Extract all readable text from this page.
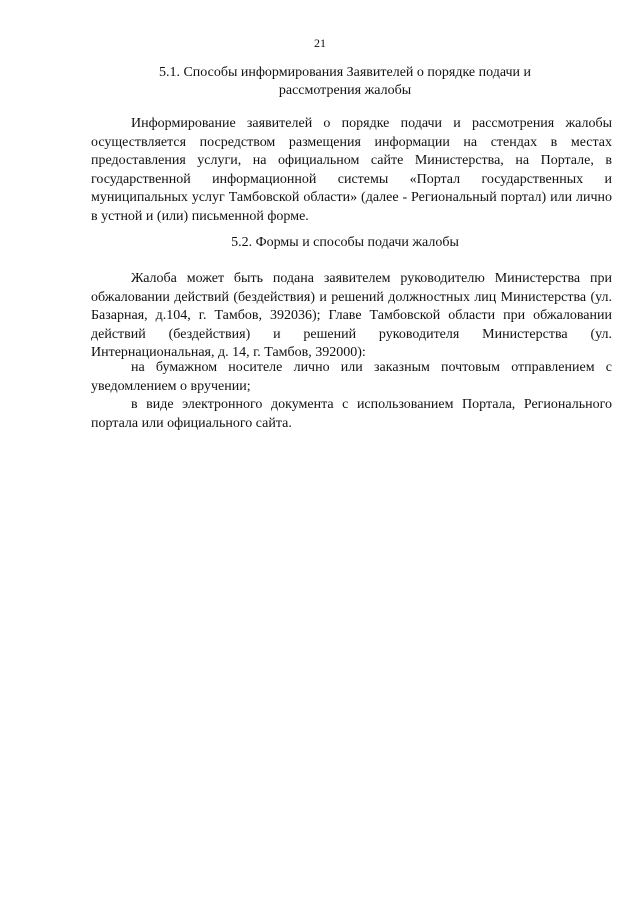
21
5.1. Способы информирования Заявителей о порядке подачи и
рассмотрения жалобы

Информирование заявителей о порядке подачи и рассмотрения жалобы осуществляется посредством размещения информации на стендах в местах предоставления услуги, на официальном сайте Министерства, на Портале, в государственной информационной системы «Портал государственных и муниципальных услуг Тамбовской области» (далее - Региональный портал) или лично в устной и (или) письменной форме.

5.2. Формы и способы подачи жалобы

Жалоба может быть подана заявителем руководителю Министерства при обжаловании действий (бездействия) и решений должностных лиц Министерства (ул. Базарная, д.104, г. Тамбов, 392036); Главе Тамбовской области при обжаловании действий (бездействия) и решений руководителя Министерства (ул. Интернациональная, д. 14, г. Тамбов, 392000):

на бумажном носителе лично или заказным почтовым отправлением с уведомлением о вручении;

в виде электронного документа с использованием Портала, Регионального портала или официального сайта.
